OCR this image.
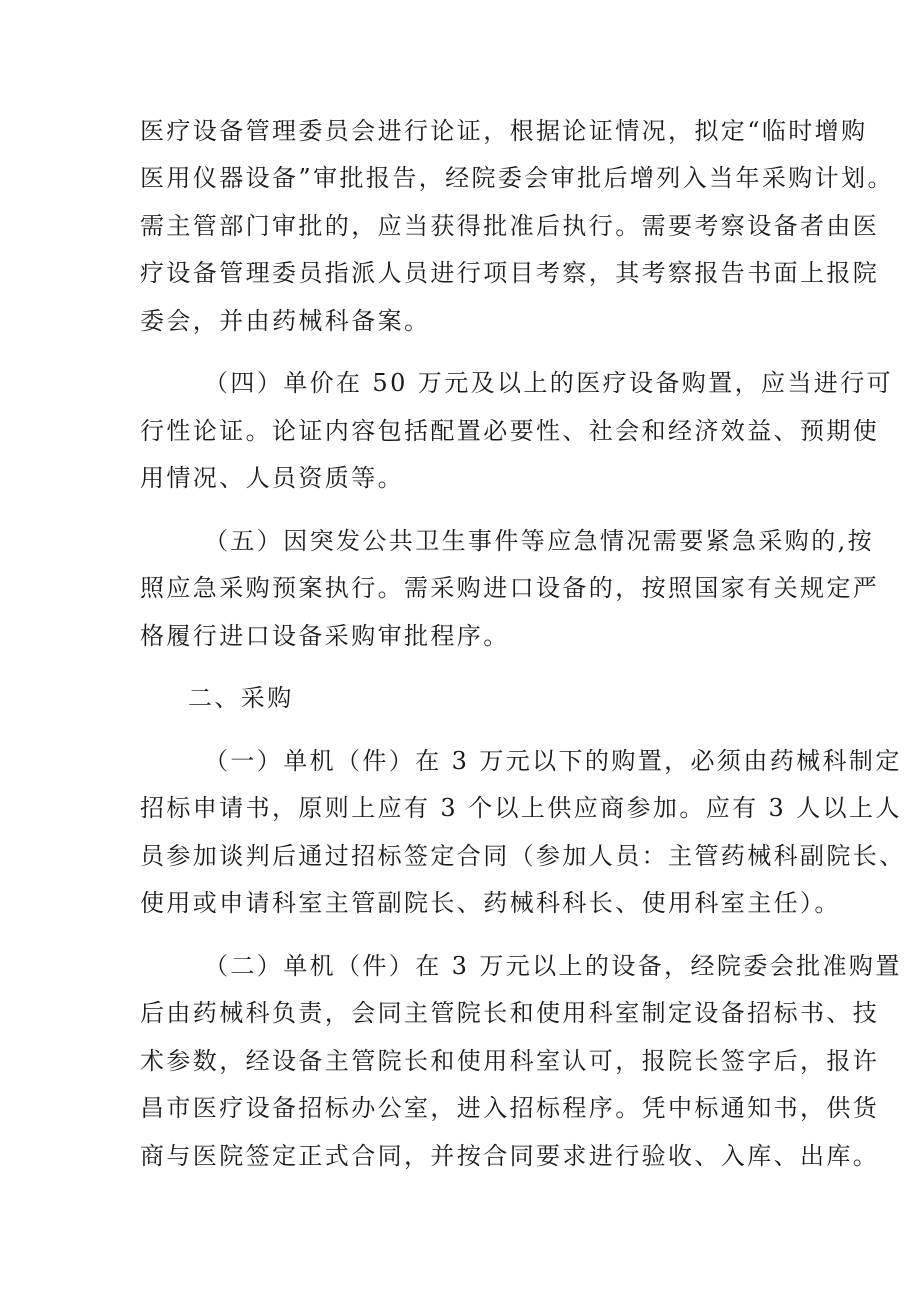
医疗设备管理委员会进行论证，根据论证情况，拟定“临时增购
医用仪器设备”审批报告，经院委会审批后增列入当年采购计划。
需主管部门审批的，应当获得批准后执行。需要考察设备者由医
疗设备管理委员指派人员进行项目考察，其考察报告书面上报院
委会，并由药械科备案。
（四）单价在 50 万元及以上的医疗设备购置，应当进行可
行性论证。论证内容包括配置必要性、社会和经济效益、预期使
用情况、人员资质等。
（五）因突发公共卫生事件等应急情况需要紧急采购的,按
照应急采购预案执行。需采购进口设备的，按照国家有关规定严
格履行进口设备采购审批程序。
二、采购
（一）单机（件）在 3 万元以下的购置，必须由药械科制定
招标申请书，原则上应有 3 个以上供应商参加。应有 3 人以上人
员参加谈判后通过招标签定合同（参加人员：主管药械科副院长、
使用或申请科室主管副院长、药械科科长、使用科室主任）。
（二）单机（件）在 3 万元以上的设备，经院委会批准购置
后由药械科负责，会同主管院长和使用科室制定设备招标书、技
术参数，经设备主管院长和使用科室认可，报院长签字后，报许
昌市医疗设备招标办公室，进入招标程序。凭中标通知书，供货
商与医院签定正式合同，并按合同要求进行验收、入库、出库。
